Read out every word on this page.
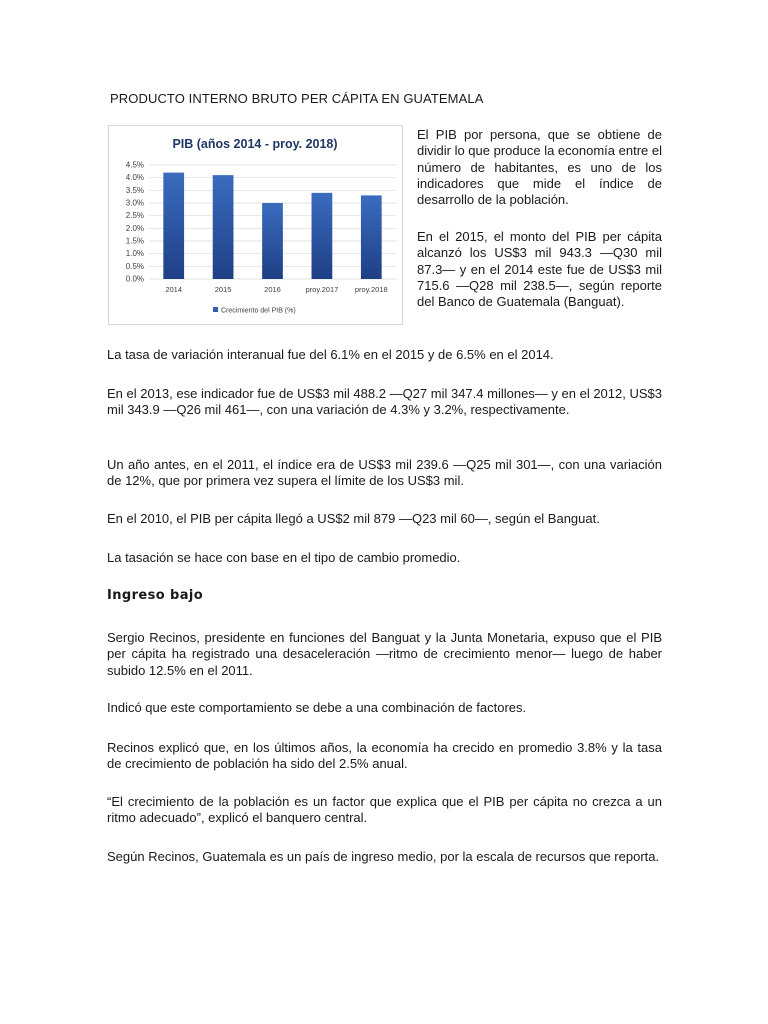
PRODUCTO INTERNO BRUTO PER CÁPITA EN GUATEMALA
PIB (años 2014 - proy. 2018)
0.0%
0.5%
1.0%
1.5%
2.0%
2.5%
3.0%
3.5%
4.0%
4.5%
2014	2015	2016	proy.2017 proy.2018
Crecimiento del PIB (%)

El PIB por persona, que se obtiene de dividir lo que produce la economía entre el número de habitantes, es uno de los indicadores que mide el índice de desarrollo de la población.

En el 2015, el monto del PIB per cápita alcanzó los US$3 mil 943.3 —Q30 mil 87.3— y en el 2014 este fue de US$3 mil 715.6 —Q28 mil 238.5—, según reporte del Banco de Guatemala (Banguat).

La tasa de variación interanual fue del 6.1% en el 2015 y de 6.5% en el 2014.

En el 2013, ese indicador fue de US$3 mil 488.2 —Q27 mil 347.4 millones— y en el 2012, US$3 mil 343.9 —Q26 mil 461—, con una variación de 4.3% y 3.2%, respectivamente.

Un año antes, en el 2011, el índice era de US$3 mil 239.6 —Q25 mil 301—, con una variación de 12%, que por primera vez supera el límite de los US$3 mil.

En el 2010, el PIB per cápita llegó a US$2 mil 879 —Q23 mil 60—, según el Banguat.

La tasación se hace con base en el tipo de cambio promedio.

Ingreso bajo

Sergio Recinos, presidente en funciones del Banguat y la Junta Monetaria, expuso que el PIB per cápita ha registrado una desaceleración —ritmo de crecimiento menor— luego de haber subido 12.5% en el 2011.

Indicó que este comportamiento se debe a una combinación de factores.

Recinos explicó que, en los últimos años, la economía ha crecido en promedio 3.8% y la tasa de crecimiento de población ha sido del 2.5% anual.

“El crecimiento de la población es un factor que explica que el PIB per cápita no crezca a un ritmo adecuado”, explicó el banquero central.

Según Recinos, Guatemala es un país de ingreso medio, por la escala de recursos que reporta.
